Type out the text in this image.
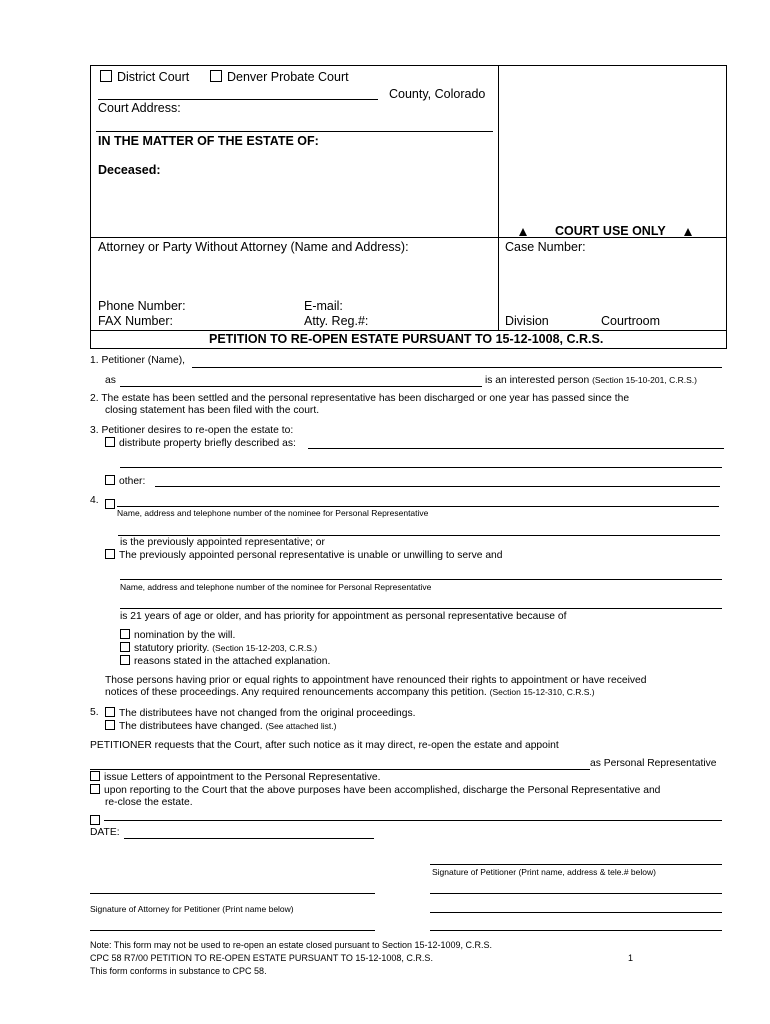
District Court	Denver Probate Court
County, Colorado
Court Address:
IN THE MATTER OF THE ESTATE OF:
Deceased:
COURT USE ONLY
Attorney or Party Without Attorney (Name and Address):	Case Number:
Phone Number:	E-mail:
FAX Number:	Atty. Reg.#:	Division	Courtroom
PETITION TO RE-OPEN ESTATE PURSUANT TO 15-12-1008, C.R.S.
1. Petitioner (Name),
as	is an interested person (Section 15-10-201, C.R.S.)
2. The estate has been settled and the personal representative has been discharged or one year has passed since the
closing statement has been filed with the court.
3. Petitioner desires to re-open the estate to:
distribute property briefly described as:
other:
4.
Name, address and telephone number of the nominee for Personal Representative
is the previously appointed representative; or
The previously appointed personal representative is unable or unwilling to serve and
Name, address and telephone number of the nominee for Personal Representative
is 21 years of age or older, and has priority for appointment as personal representative because of
nomination by the will.
statutory priority. (Section 15-12-203, C.R.S.)
reasons stated in the attached explanation.
Those persons having prior or equal rights to appointment have renounced their rights to appointment or have received
notices of these proceedings. Any required renouncements accompany this petition. (Section 15-12-310, C.R.S.)
5.	The distributees have not changed from the original proceedings.
The distributees have changed. (See attached list.)
PETITIONER requests that the Court, after such notice as it may direct, re-open the estate and appoint
as Personal Representative
issue Letters of appointment to the Personal Representative.
upon reporting to the Court that the above purposes have been accomplished, discharge the Personal Representative and
re-close the estate.
DATE:
Signature of Petitioner (Print name, address & tele.# below)
Signature of Attorney for Petitioner (Print name below)
Note: This form may not be used to re-open an estate closed pursuant to Section 15-12-1009, C.R.S.
CPC 58 R7/00 PETITION TO RE-OPEN ESTATE PURSUANT TO 15-12-1008, C.R.S.	1
This form conforms in substance to CPC 58.
